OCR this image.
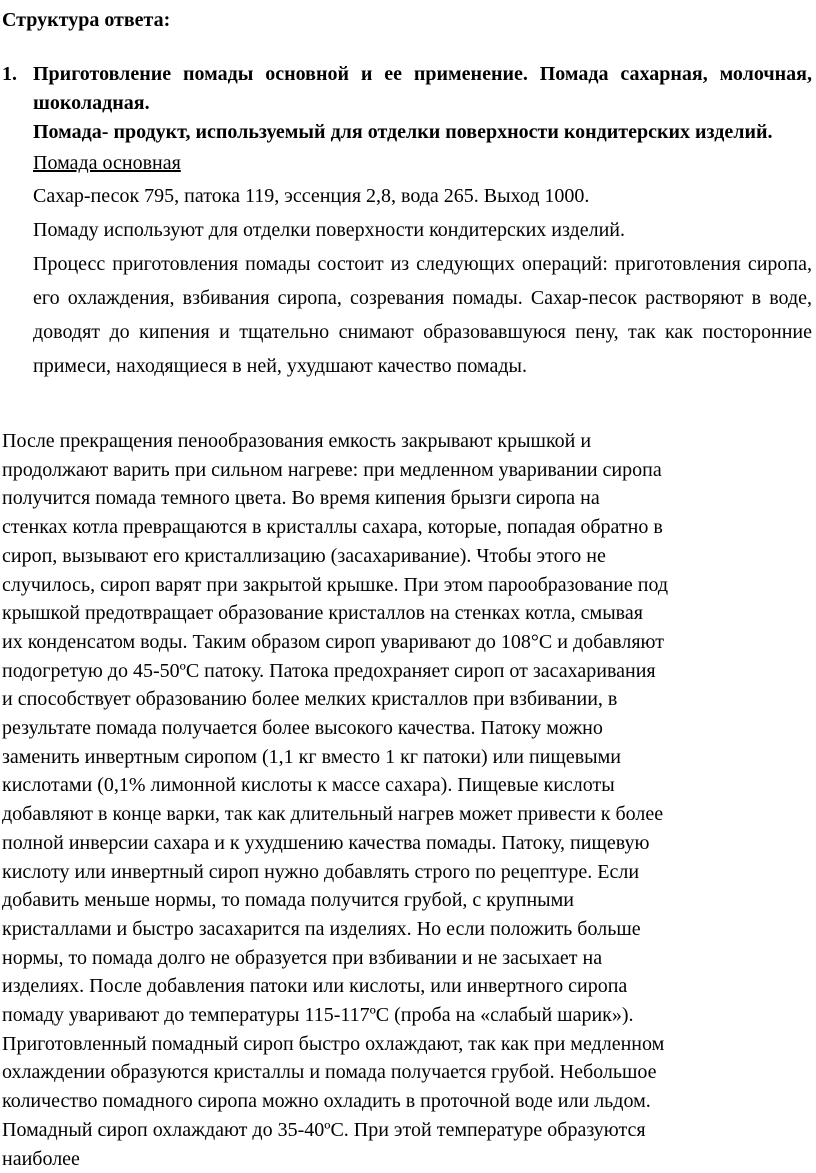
Структура ответа:
1. Приготовление помады основной и ее применение. Помада сахарная, молочная, шоколадная.
Помада- продукт, используемый для отделки поверхности кондитерских изделий.
Помада основная

Сахар-песок 795, патока 119, эссенция 2,8, вода 265. Выход 1000.

Помаду используют для отделки поверхности кондитерских изделий.

Процесс приготовления помады состоит из следующих операций: приготовления сиропа, его охлаждения, взбивания сиропа, созревания помады. Сахар-песок растворяют в воде, доводят до кипения и тщательно снимают образовавшуюся пену, так как посторонние примеси, находящиеся в ней, ухудшают качество помады.

После прекращения пенообразования емкость закрывают крышкой и
продолжают варить при сильном нагреве: при медленном уваривании сиропа
получится помада темного цвета. Во время кипения брызги сиропа на
стенках котла превращаются в кристаллы сахара, которые, попадая обратно в
сироп, вызывают его кристаллизацию (засахаривание). Чтобы этого не
случилось, сироп варят при закрытой крышке. При этом парообразование под
крышкой предотвращает образование кристаллов на стенках котла, смывая
их конденсатом воды. Таким образом сироп уваривают до 108°С и добавляют
подогретую до 45-50ºС патоку. Патока предохраняет сироп от засахаривания
и способствует образованию более мелких кристаллов при взбивании, в
результате помада получается более высокого качества. Патоку можно
заменить инвертным сиропом (1,1 кг вместо 1 кг патоки) или пищевыми
кислотами (0,1% лимонной кислоты к массе сахара). Пищевые кислоты
добавляют в конце варки, так как длительный нагрев может привести к более
полной инверсии сахара и к ухудшению качества помады. Патоку, пищевую
кислоту или инвертный сироп нужно добавлять строго по рецептуре. Если
добавить меньше нормы, то помада получится грубой, с крупными
кристаллами и быстро засахарится па изделиях. Но если положить больше
нормы, то помада долго не образуется при взбивании и не засыхает на
изделиях. После добавления патоки или кислоты, или инвертного сиропа
помаду уваривают до температуры 115-117ºС (проба на «слабый шарик»).
Приготовленный помадный сироп быстро охлаждают, так как при медленном
охлаждении образуются кристаллы и помада получается грубой. Небольшое
количество помадного сиропа можно охладить в проточной воде или льдом.
Помадный сироп охлаждают до 35-40ºС. При этой температуре образуются
наиболее
